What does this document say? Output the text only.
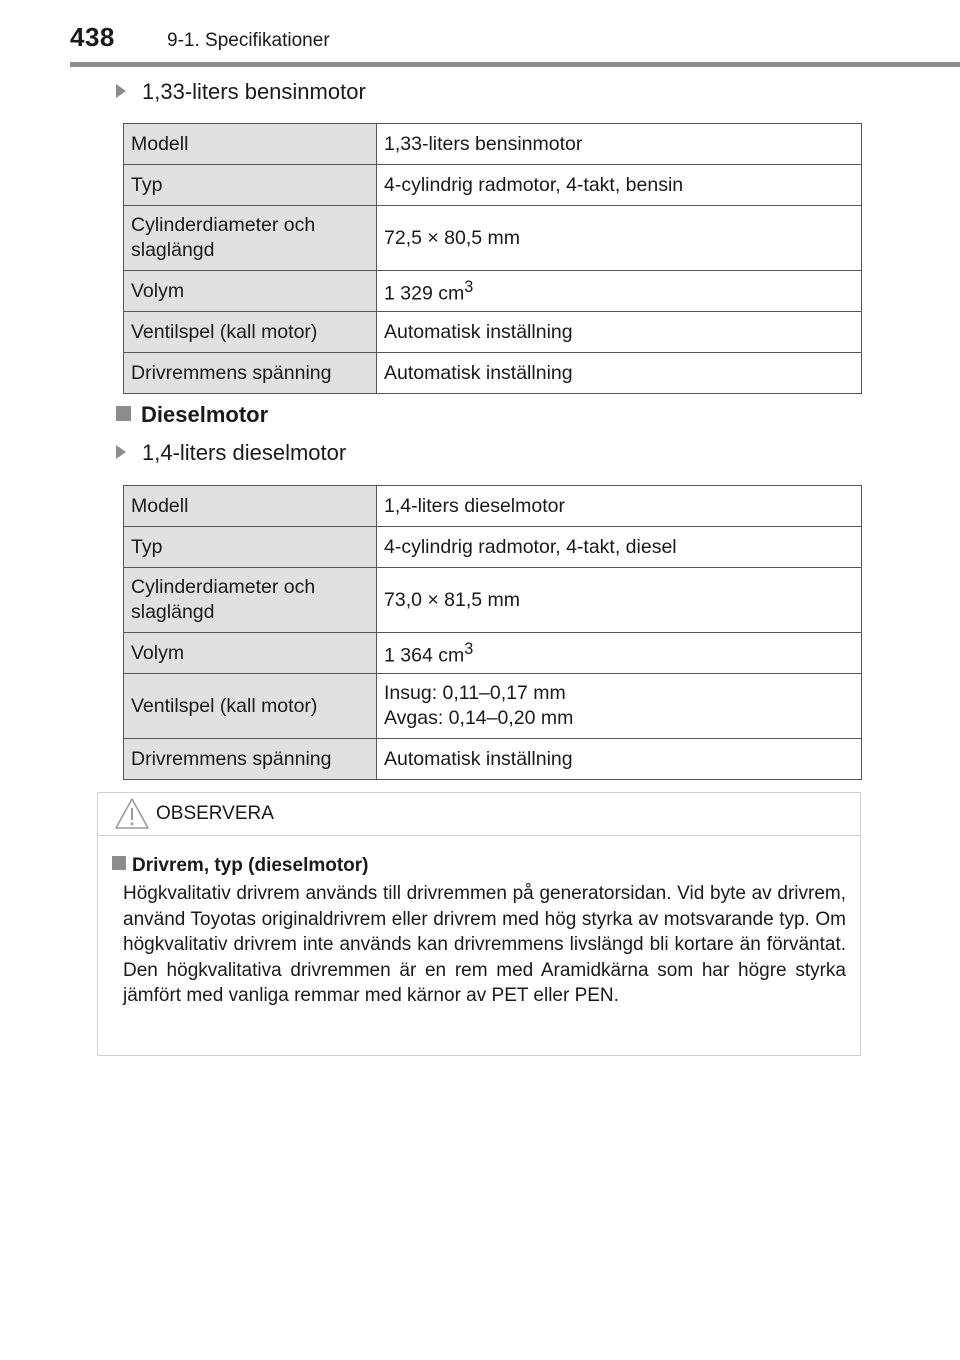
438	9-1. Specifikationer
1,33-liters bensinmotor
Modell	1,33-liters bensinmotor
Typ	4-cylindrig radmotor, 4-takt, bensin
Cylinderdiameter och slaglängd	72,5 × 80,5 mm
Volym	1 329 $cm^3$
Ventilspel (kall motor)	Automatisk inställning
Drivremmens spänning	Automatisk inställning
Dieselmotor
1,4-liters dieselmotor
Modell	1,4-liters dieselmotor
Typ	4-cylindrig radmotor, 4-takt, diesel
Cylinderdiameter och slaglängd	73,0 × 81,5 mm
Volym	1 364 $cm^3$
Ventilspel (kall motor)	Insug: 0,11–0,17 mm
Avgas: 0,14–0,20 mm

Drivremmens spänning	Automatisk inställning
OBSERVERA
Drivrem, typ (dieselmotor)
Högkvalitativ drivrem används till drivremmen på generatorsidan. Vid byte av drivrem, använd Toyotas originaldrivrem eller drivrem med hög styrka av motsvarande typ. Om högkvalitativ drivrem inte används kan drivremmens livslängd bli kortare än förväntat. Den högkvalitativa drivremmen är en rem med Aramidkärna som har högre styrka jämfört med vanliga remmar med kärnor av PET eller PEN.
